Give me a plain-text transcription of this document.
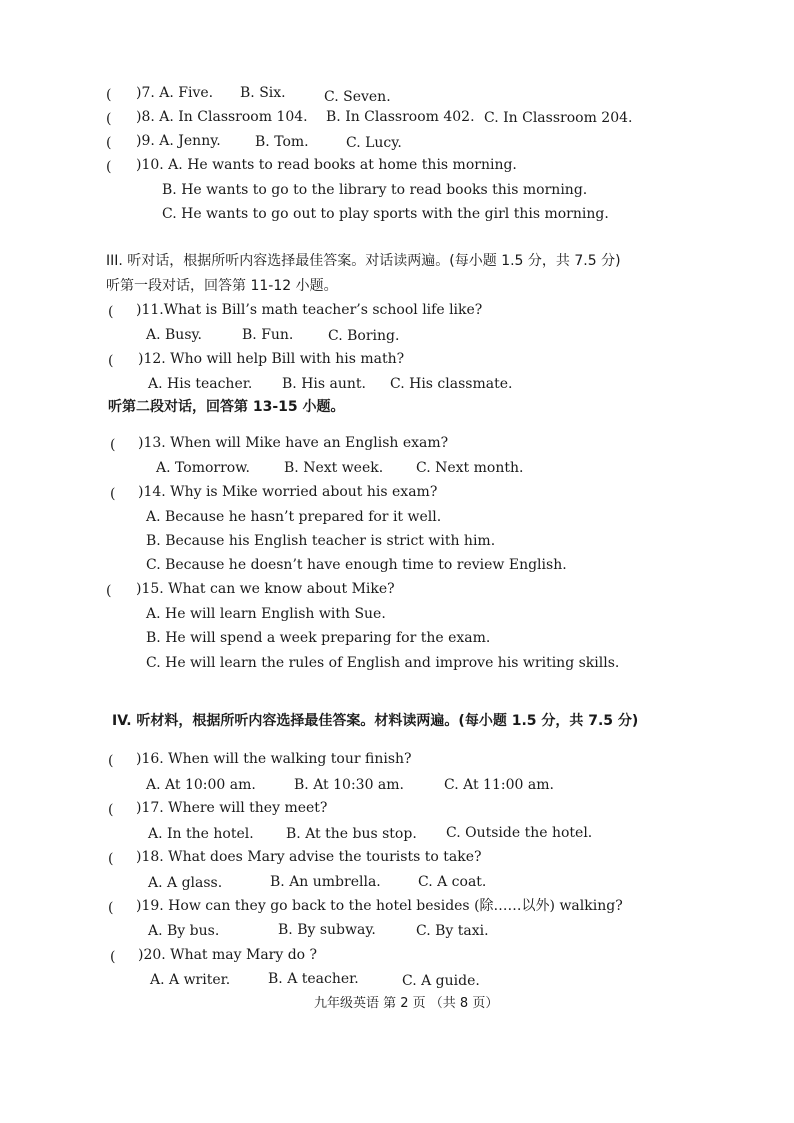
( )7. A. Five. B. Six.	C. Seven.
( )8. A. In Classroom 104. B. In Classroom 402. C. In Classroom 204.
( )9. A. Jenny. B. Tom.	C. Lucy.
( )10. A. He wants to read books at home this morning.
B. He wants to go to the library to read books this morning.
C. He wants to go out to play sports with the girl this morning.
III. 听对话，根据所听内容选择最佳答案。对话读两遍。(每小题 1.5 分，共 7.5 分)
听第一段对话，回答第 11-12 小题。
( )11.What is Bill’s math teacher’s school life like?
A. Busy.	B. Fun. C. Boring.
( )12. Who will help Bill with his math?
A. His teacher. B. His aunt. C. His classmate.
听第二段对话，回答第 13-15 小题。
( )13. When will Mike have an English exam?
A. Tomorrow. B. Next week. C. Next month.
( )14. Why is Mike worried about his exam?
A. Because he hasn’t prepared for it well.
B. Because his English teacher is strict with him.
C. Because he doesn’t have enough time to review English.
( )15. What can we know about Mike?
A. He will learn English with Sue.
B. He will spend a week preparing for the exam.
C. He will learn the rules of English and improve his writing skills.
IV. 听材料，根据所听内容选择最佳答案。材料读两遍。(每小题 1.5 分，共 7.5 分)
( )16. When will the walking tour finish?
A. At 10:00 am.	B. At 10:30 am.	C. At 11:00 am.
( )17. Where will they meet?
A. In the hotel. B. At the bus stop. C. Outside the hotel.
( )18. What does Mary advise the tourists to take?
A. A glass.	B. An umbrella.	C. A coat.
( )19. How can they go back to the hotel besides (除……以外) walking?
A. By bus.	B. By subway.	C. By taxi.
( )20. What may Mary do ?
A. A writer.	B. A teacher.	C. A guide.
九年级英语 第 2 页 （共 8 页）
